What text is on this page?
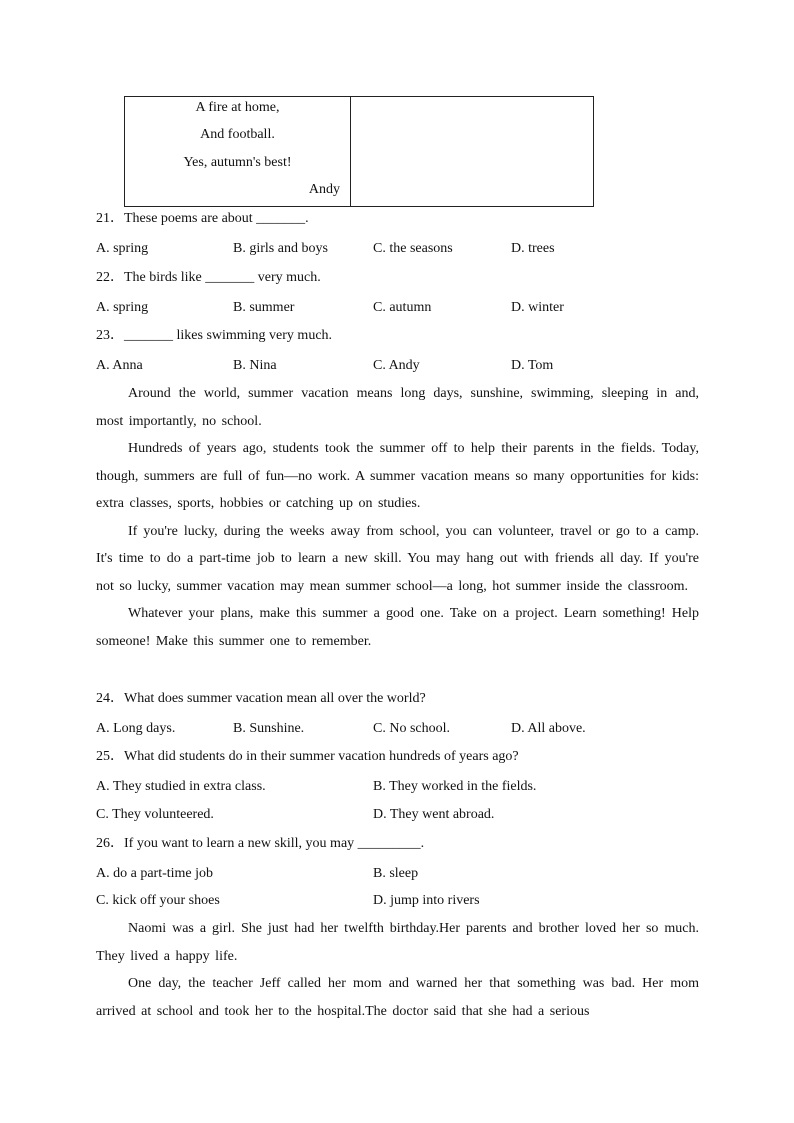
A fire at home,
And football.
Yes, autumn's best!
Andy
21．These poems are about _______.
A. spring	B. girls and boys	C. the seasons	D. trees
22．The birds like _______ very much.
A. spring	B. summer	C. autumn	D. winter
23．_______ likes swimming very much.
A. Anna	B. Nina	C. Andy	D. Tom

Around the world, summer vacation means long days, sunshine, swimming, sleeping in and, most importantly, no school.

Hundreds of years ago, students took the summer off to help their parents in the fields. Today, though, summers are full of fun—no work. A summer vacation means so many opportunities for kids: extra classes, sports, hobbies or catching up on studies.

If you're lucky, during the weeks away from school, you can volunteer, travel or go to a camp. It's time to do a part-time job to learn a new skill. You may hang out with friends all day. If you're not so lucky, summer vacation may mean summer school—a long, hot summer inside the classroom.

Whatever your plans, make this summer a good one. Take on a project. Learn something! Help someone! Make this summer one to remember.

24．What does summer vacation mean all over the world?
A. Long days.	B. Sunshine.	C. No school.	D. All above.
25．What did students do in their summer vacation hundreds of years ago?
A. They studied in extra class.	B. They worked in the fields.
C. They volunteered.	D. They went abroad.
26．If you want to learn a new skill, you may _________.
A. do a part-time job	B. sleep
C. kick off your shoes	D. jump into rivers

Naomi was a girl. She just had her twelfth birthday.Her parents and brother loved her so much. They lived a happy life.

One day, the teacher Jeff called her mom and warned her that something was bad. Her mom arrived at school and took her to the hospital.The doctor said that she had a serious
